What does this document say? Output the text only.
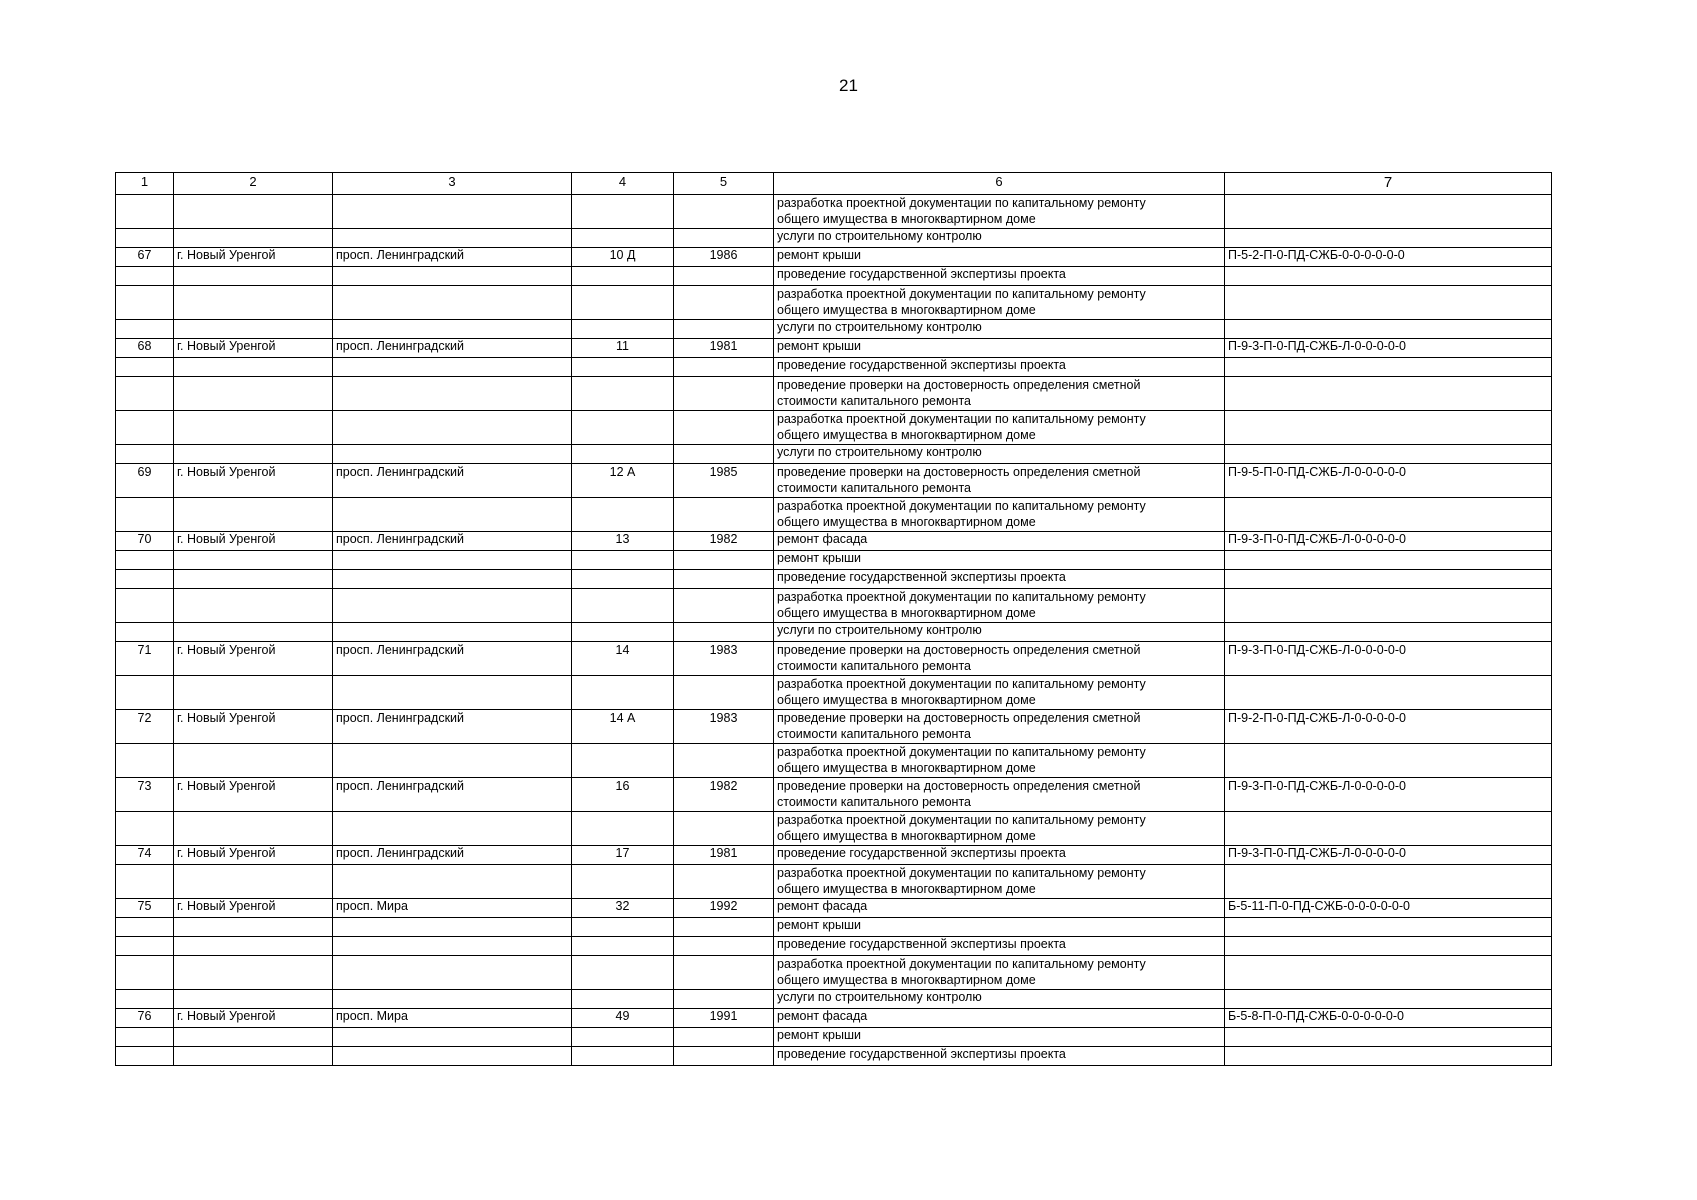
21
1	2	3	4	5	6	7
					разработка проектной документации по капитальному ремонту
общего имущества в многоквартирном доме	
					услуги по строительному контролю	
67	г. Новый Уренгой	просп. Ленинградский	10 Д	1986	ремонт крыши	П-5-2-П-0-ПД-СЖБ-0-0-0-0-0-0
					проведение государственной экспертизы проекта	
					разработка проектной документации по капитальному ремонту
общего имущества в многоквартирном доме	
					услуги по строительному контролю	
68	г. Новый Уренгой	просп. Ленинградский	11	1981	ремонт крыши	П-9-3-П-0-ПД-СЖБ-Л-0-0-0-0-0
					проведение государственной экспертизы проекта	
					проведение проверки на достоверность определения сметной
стоимости капитального ремонта	
					разработка проектной документации по капитальному ремонту
общего имущества в многоквартирном доме	
					услуги по строительному контролю	
69	г. Новый Уренгой	просп. Ленинградский	12 А	1985	проведение проверки на достоверность определения сметной
стоимости капитального ремонта	П-9-5-П-0-ПД-СЖБ-Л-0-0-0-0-0
					разработка проектной документации по капитальному ремонту
общего имущества в многоквартирном доме	
70	г. Новый Уренгой	просп. Ленинградский	13	1982	ремонт фасада	П-9-3-П-0-ПД-СЖБ-Л-0-0-0-0-0
					ремонт крыши	
					проведение государственной экспертизы проекта	
					разработка проектной документации по капитальному ремонту
общего имущества в многоквартирном доме	
					услуги по строительному контролю	
71	г. Новый Уренгой	просп. Ленинградский	14	1983	проведение проверки на достоверность определения сметной
стоимости капитального ремонта	П-9-3-П-0-ПД-СЖБ-Л-0-0-0-0-0
					разработка проектной документации по капитальному ремонту
общего имущества в многоквартирном доме	
72	г. Новый Уренгой	просп. Ленинградский	14 А	1983	проведение проверки на достоверность определения сметной
стоимости капитального ремонта	П-9-2-П-0-ПД-СЖБ-Л-0-0-0-0-0
					разработка проектной документации по капитальному ремонту
общего имущества в многоквартирном доме	
73	г. Новый Уренгой	просп. Ленинградский	16	1982	проведение проверки на достоверность определения сметной
стоимости капитального ремонта	П-9-3-П-0-ПД-СЖБ-Л-0-0-0-0-0
					разработка проектной документации по капитальному ремонту
общего имущества в многоквартирном доме	
74	г. Новый Уренгой	просп. Ленинградский	17	1981	проведение государственной экспертизы проекта	П-9-3-П-0-ПД-СЖБ-Л-0-0-0-0-0
					разработка проектной документации по капитальному ремонту
общего имущества в многоквартирном доме	
75	г. Новый Уренгой	просп. Мира	32	1992	ремонт фасада	Б-5-11-П-0-ПД-СЖБ-0-0-0-0-0-0
					ремонт крыши	
					проведение государственной экспертизы проекта	
					разработка проектной документации по капитальному ремонту
общего имущества в многоквартирном доме	
					услуги по строительному контролю	
76	г. Новый Уренгой	просп. Мира	49	1991	ремонт фасада	Б-5-8-П-0-ПД-СЖБ-0-0-0-0-0-0
					ремонт крыши	
					проведение государственной экспертизы проекта	
